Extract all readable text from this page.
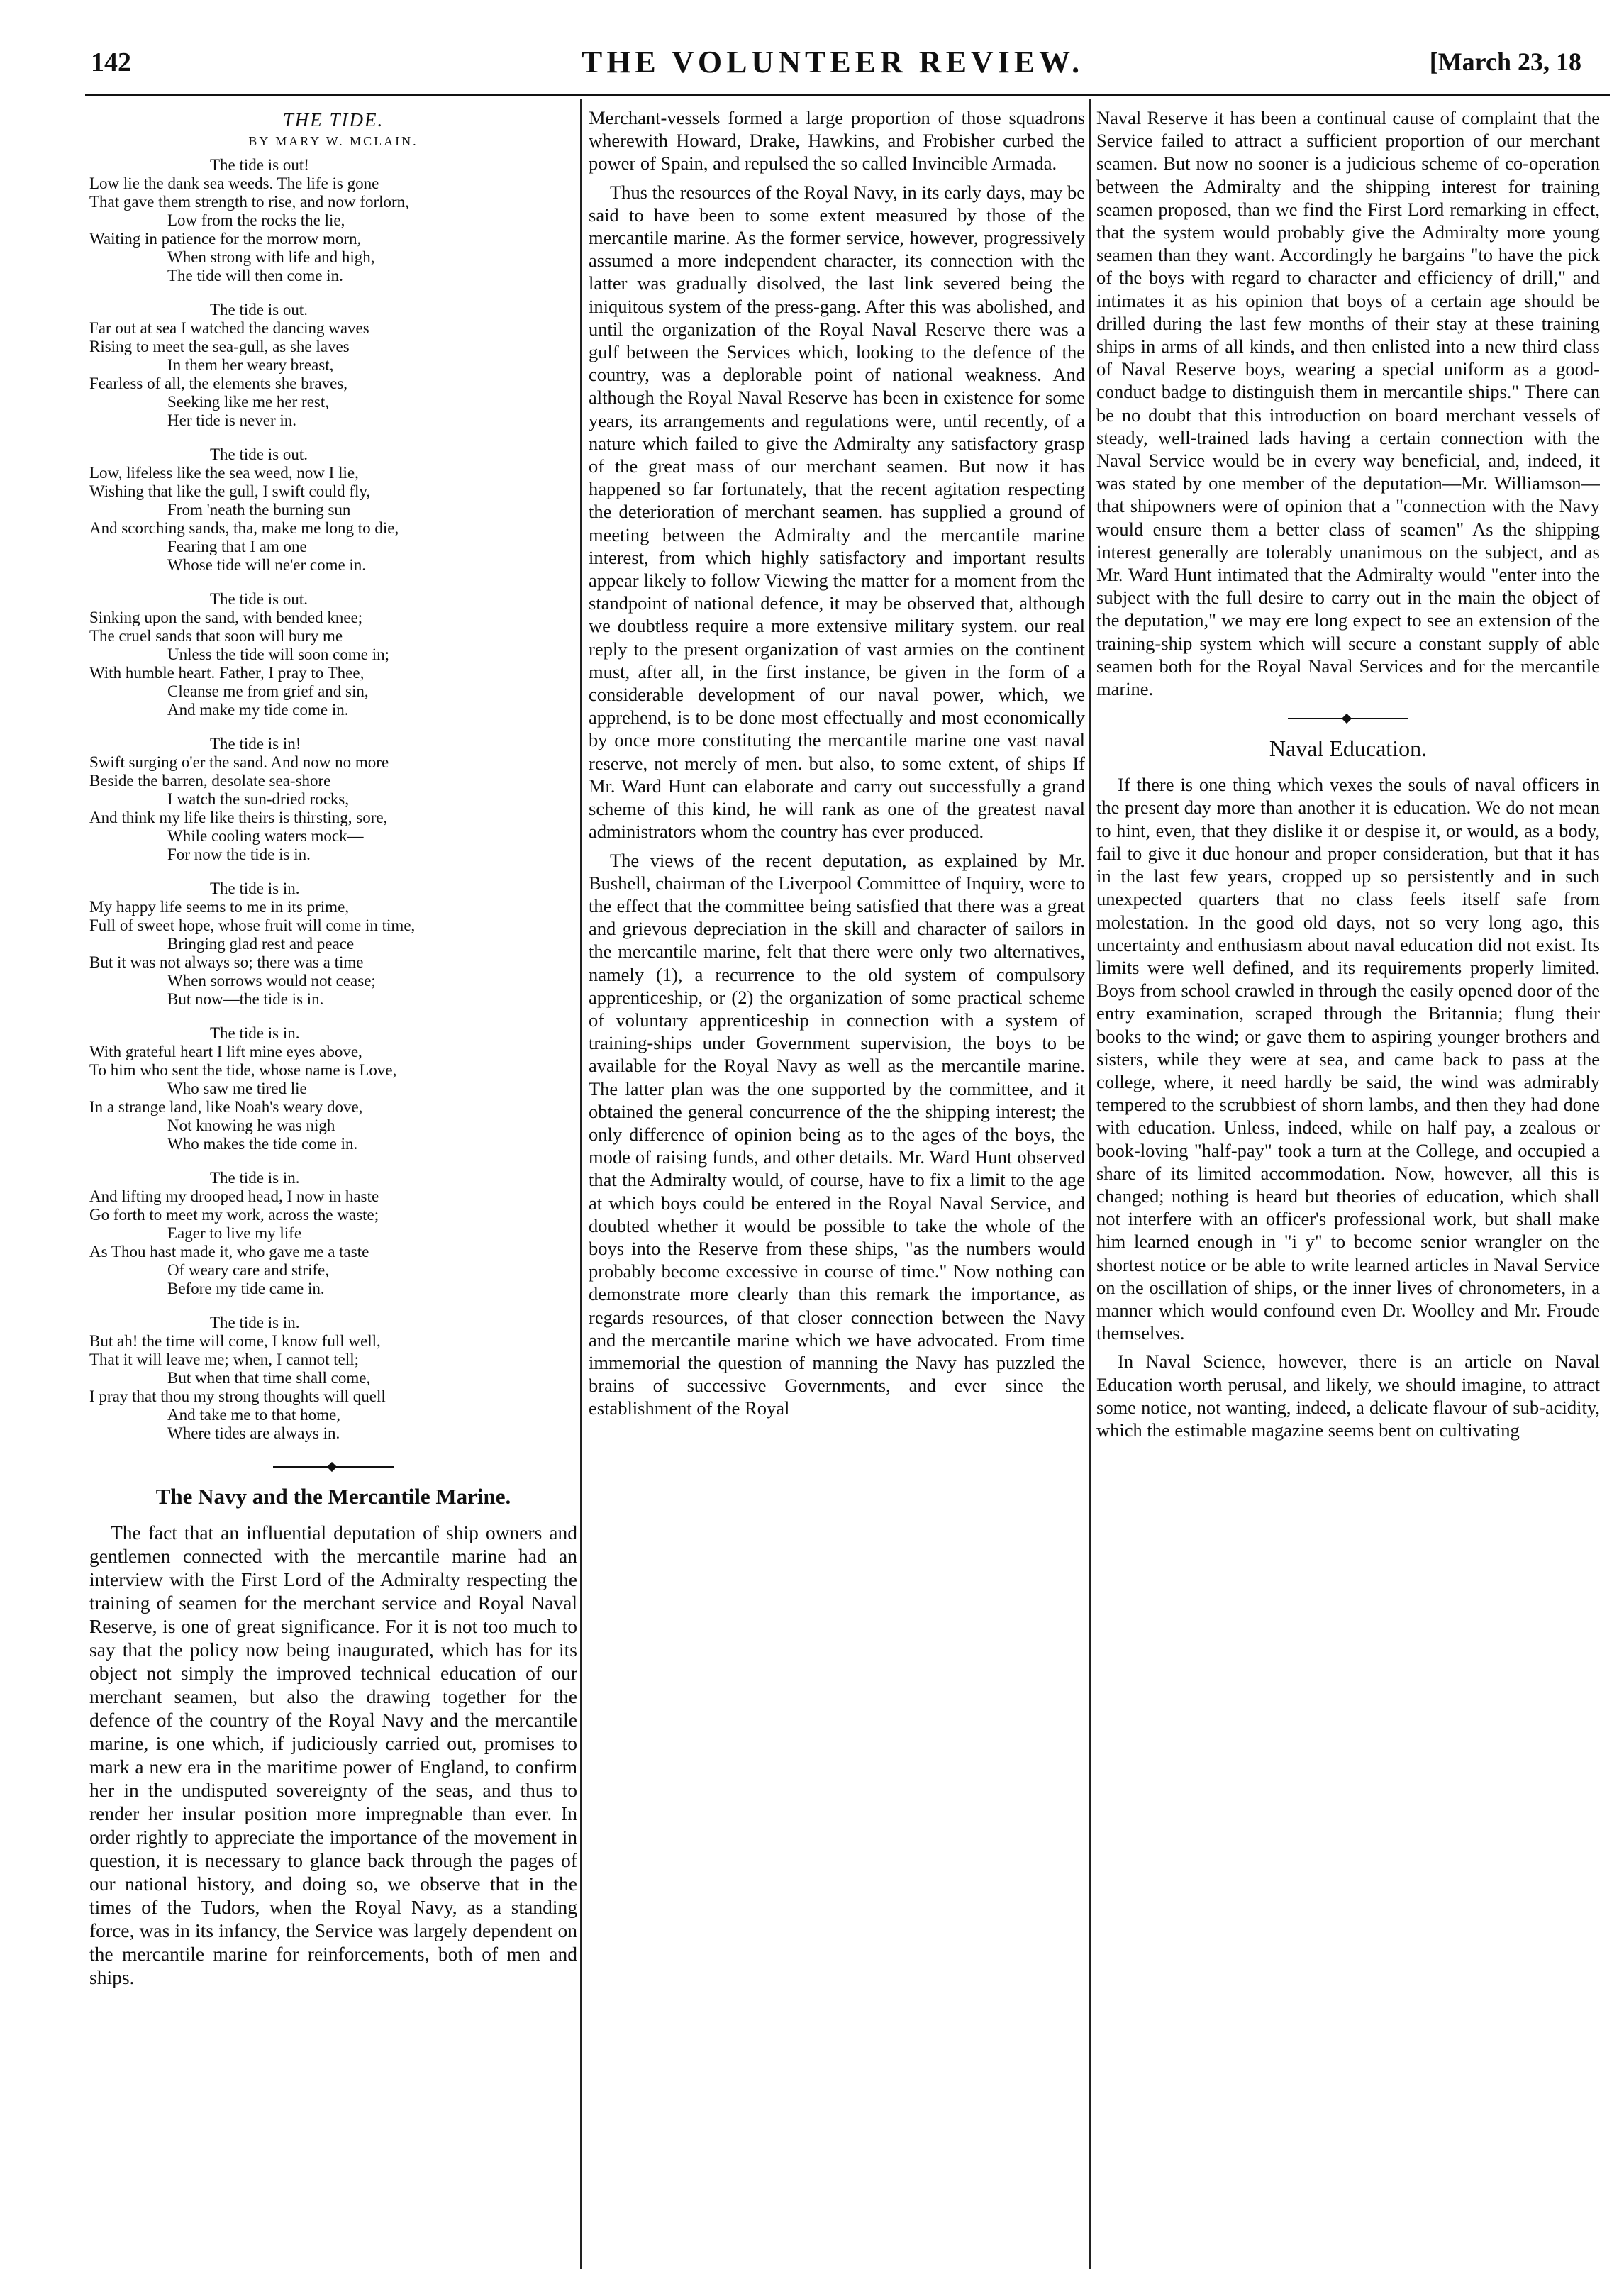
142	THE VOLUNTEER REVIEW.	[March 23, 18
THE TIDE.
BY MARY W. MCLAIN.
The tide is out!
Low lie the dank sea weeds. The life is gone
That gave them strength to rise, and now forlorn,
Low from the rocks the lie,
Waiting in patience for the morrow morn,
When strong with life and high,
The tide will then come in.
The tide is out.
Far out at sea I watched the dancing waves
Rising to meet the sea-gull, as she laves
In them her weary breast,
Fearless of all, the elements she braves,
Seeking like me her rest,
Her tide is never in.
The tide is out.
Low, lifeless like the sea weed, now I lie,
Wishing that like the gull, I swift could fly,
From 'neath the burning sun
And scorching sands, tha, make me long to die,
Fearing that I am one
Whose tide will ne'er come in.
The tide is out.
Sinking upon the sand, with bended knee;
The cruel sands that soon will bury me
Unless the tide will soon come in;
With humble heart. Father, I pray to Thee,
Cleanse me from grief and sin,
And make my tide come in.
The tide is in!
Swift surging o'er the sand. And now no more
Beside the barren, desolate sea-shore
I watch the sun-dried rocks,
And think my life like theirs is thirsting, sore,
While cooling waters mock—
For now the tide is in.
The tide is in.
My happy life seems to me in its prime,
Full of sweet hope, whose fruit will come in time,
Bringing glad rest and peace
But it was not always so; there was a time
When sorrows would not cease;
But now—the tide is in.
The tide is in.
With grateful heart I lift mine eyes above,
To him who sent the tide, whose name is Love,
Who saw me tired lie
In a strange land, like Noah's weary dove,
Not knowing he was nigh
Who makes the tide come in.
The tide is in.
And lifting my drooped head, I now in haste
Go forth to meet my work, across the waste;
Eager to live my life
As Thou hast made it, who gave me a taste
Of weary care and strife,
Before my tide came in.
The tide is in.
But ah! the time will come, I know full well,
That it will leave me; when, I cannot tell;
But when that time shall come,
I pray that thou my strong thoughts will quell
And take me to that home,
Where tides are always in.
The Navy and the Mercantile Marine.

The fact that an influential deputation of ship owners and gentlemen connected with the mercantile marine had an interview with the First Lord of the Admiralty respecting the training of seamen for the merchant service and Royal Naval Reserve, is one of great significance. For it is not too much to say that the policy now being inaugurated, which has for its object not simply the improved technical education of our merchant seamen, but also the drawing together for the defence of the country of the Royal Navy and the mercantile marine, is one which, if judiciously carried out, promises to mark a new era in the maritime power of England, to confirm her in the undisputed sovereignty of the seas, and thus to render her insular position more impregnable than ever. In order rightly to appreciate the importance of the movement in question, it is necessary to glance back through the pages of our national history, and doing so, we observe that in the times of the Tudors, when the Royal Navy, as a standing force, was in its infancy, the Service was largely dependent on the mercantile marine for reinforcements, both of men and ships.

Merchant-vessels formed a large proportion of those squadrons wherewith Howard, Drake, Hawkins, and Frobisher curbed the power of Spain, and repulsed the so called Invincible Armada.

Thus the resources of the Royal Navy, in its early days, may be said to have been to some extent measured by those of the mercantile marine. As the former service, however, progressively assumed a more independent character, its connection with the latter was gradually disolved, the last link severed being the iniquitous system of the press-gang. After this was abolished, and until the organization of the Royal Naval Reserve there was a gulf between the Services which, looking to the defence of the country, was a deplorable point of national weakness. And although the Royal Naval Reserve has been in existence for some years, its arrangements and regulations were, until recently, of a nature which failed to give the Admiralty any satisfactory grasp of the great mass of our merchant seamen. But now it has happened so far fortunately, that the recent agitation respecting the deterioration of merchant seamen. has supplied a ground of meeting between the Admiralty and the mercantile marine interest, from which highly satisfactory and important results appear likely to follow Viewing the matter for a moment from the standpoint of national defence, it may be observed that, although we doubtless require a more extensive military system. our real reply to the present organization of vast armies on the continent must, after all, in the first instance, be given in the form of a considerable development of our naval power, which, we apprehend, is to be done most effectually and most economically by once more constituting the mercantile marine one vast naval reserve, not merely of men. but also, to some extent, of ships If Mr. Ward Hunt can elaborate and carry out successfully a grand scheme of this kind, he will rank as one of the greatest naval administrators whom the country has ever produced.

The views of the recent deputation, as explained by Mr. Bushell, chairman of the Liverpool Committee of Inquiry, were to the effect that the committee being satisfied that there was a great and grievous depreciation in the skill and character of sailors in the mercantile marine, felt that there were only two alternatives, namely (1), a recurrence to the old system of compulsory apprenticeship, or (2) the organization of some practical scheme of voluntary apprenticeship in connection with a system of training-ships under Government supervision, the boys to be available for the Royal Navy as well as the mercantile marine. The latter plan was the one supported by the committee, and it obtained the general concurrence of the the shipping interest; the only difference of opinion being as to the ages of the boys, the mode of raising funds, and other details. Mr. Ward Hunt observed that the Admiralty would, of course, have to fix a limit to the age at which boys could be entered in the Royal Naval Service, and doubted whether it would be possible to take the whole of the boys into the Reserve from these ships, "as the numbers would probably become excessive in course of time." Now nothing can demonstrate more clearly than this remark the importance, as regards resources, of that closer connection between the Navy and the mercantile marine which we have advocated. From time immemorial the question of manning the Navy has puzzled the brains of successive Governments, and ever since the establishment of the Royal

Naval Reserve it has been a continual cause of complaint that the Service failed to attract a sufficient proportion of our merchant seamen. But now no sooner is a judicious scheme of co-operation between the Admiralty and the shipping interest for training seamen proposed, than we find the First Lord remarking in effect, that the system would probably give the Admiralty more young seamen than they want. Accordingly he bargains "to have the pick of the boys with regard to character and efficiency of drill," and intimates it as his opinion that boys of a certain age should be drilled during the last few months of their stay at these training ships in arms of all kinds, and then enlisted into a new third class of Naval Reserve boys, wearing a special uniform as a good-conduct badge to distinguish them in mercantile ships." There can be no doubt that this introduction on board merchant vessels of steady, well-trained lads having a certain connection with the Naval Service would be in every way beneficial, and, indeed, it was stated by one member of the deputation—Mr. Williamson—that shipowners were of opinion that a "connection with the Navy would ensure them a better class of seamen" As the shipping interest generally are tolerably unanimous on the subject, and as Mr. Ward Hunt intimated that the Admiralty would "enter into the subject with the full desire to carry out in the main the object of the deputation," we may ere long expect to see an extension of the training-ship system which will secure a constant supply of able seamen both for the Royal Naval Services and for the mercantile marine.

Naval Education.

If there is one thing which vexes the souls of naval officers in the present day more than another it is education. We do not mean to hint, even, that they dislike it or despise it, or would, as a body, fail to give it due honour and proper consideration, but that it has in the last few years, cropped up so persistently and in such unexpected quarters that no class feels itself safe from molestation. In the good old days, not so very long ago, this uncertainty and enthusiasm about naval education did not exist. Its limits were well defined, and its requirements properly limited. Boys from school crawled in through the easily opened door of the entry examination, scraped through the Britannia; flung their books to the wind; or gave them to aspiring younger brothers and sisters, while they were at sea, and came back to pass at the college, where, it need hardly be said, the wind was admirably tempered to the scrubbiest of shorn lambs, and then they had done with education. Unless, indeed, while on half pay, a zealous or book-loving "half-pay" took a turn at the College, and occupied a share of its limited accommodation. Now, however, all this is changed; nothing is heard but theories of education, which shall not interfere with an officer's professional work, but shall make him learned enough in "i y" to become senior wrangler on the shortest notice or be able to write learned articles in Naval Service on the oscillation of ships, or the inner lives of chronometers, in a manner which would confound even Dr. Woolley and Mr. Froude themselves.

In Naval Science, however, there is an article on Naval Education worth perusal, and likely, we should imagine, to attract some notice, not wanting, indeed, a delicate flavour of sub-acidity, which the estimable magazine seems bent on cultivating
